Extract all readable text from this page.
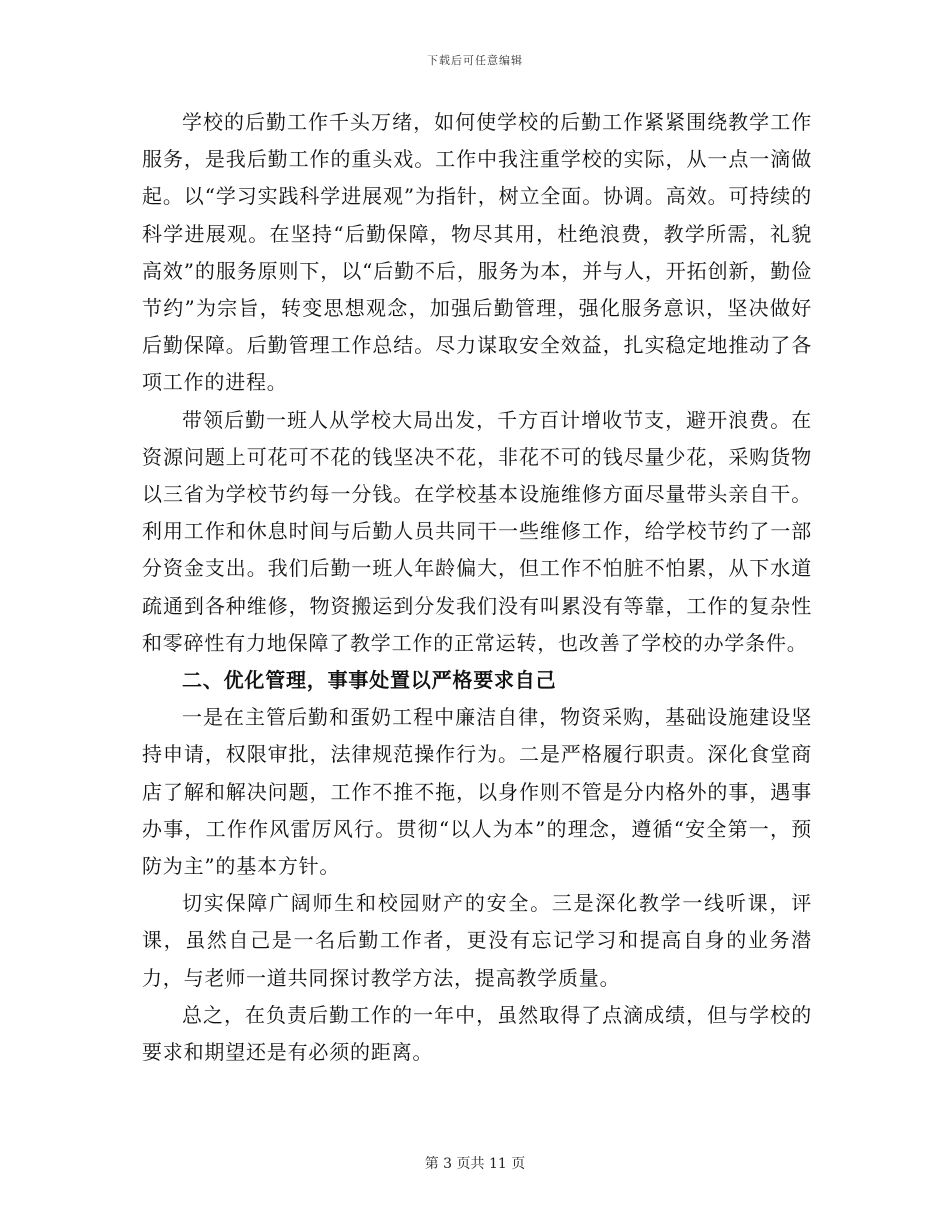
下载后可任意编辑

学校的后勤工作千头万绪，如何使学校的后勤工作紧紧围绕教学工作服务，是我后勤工作的重头戏。工作中我注重学校的实际，从一点一滴做起。以“学习实践科学进展观”为指针，树立全面。协调。高效。可持续的科学进展观。在坚持“后勤保障，物尽其用，杜绝浪费，教学所需，礼貌高效”的服务原则下，以“后勤不后，服务为本，并与人，开拓创新，勤俭节约”为宗旨，转变思想观念，加强后勤管理，强化服务意识，坚决做好后勤保障。后勤管理工作总结。尽力谋取安全效益，扎实稳定地推动了各项工作的进程。

带领后勤一班人从学校大局出发，千方百计增收节支，避开浪费。在资源问题上可花可不花的钱坚决不花，非花不可的钱尽量少花，采购货物以三省为学校节约每一分钱。在学校基本设施维修方面尽量带头亲自干。利用工作和休息时间与后勤人员共同干一些维修工作，给学校节约了一部分资金支出。我们后勤一班人年龄偏大，但工作不怕脏不怕累，从下水道疏通到各种维修，物资搬运到分发我们没有叫累没有等靠，工作的复杂性和零碎性有力地保障了教学工作的正常运转，也改善了学校的办学条件。

二、优化管理，事事处置以严格要求自己

一是在主管后勤和蛋奶工程中廉洁自律，物资采购，基础设施建设坚持申请，权限审批，法律规范操作行为。二是严格履行职责。深化食堂商店了解和解决问题，工作不推不拖，以身作则不管是分内格外的事，遇事办事，工作作风雷厉风行。贯彻“以人为本”的理念，遵循“安全第一，预防为主”的基本方针。

切实保障广阔师生和校园财产的安全。三是深化教学一线听课，评课，虽然自己是一名后勤工作者，更没有忘记学习和提高自身的业务潜力，与老师一道共同探讨教学方法，提高教学质量。

总之，在负责后勤工作的一年中，虽然取得了点滴成绩，但与学校的要求和期望还是有必须的距离。

第 3 页共 11 页
